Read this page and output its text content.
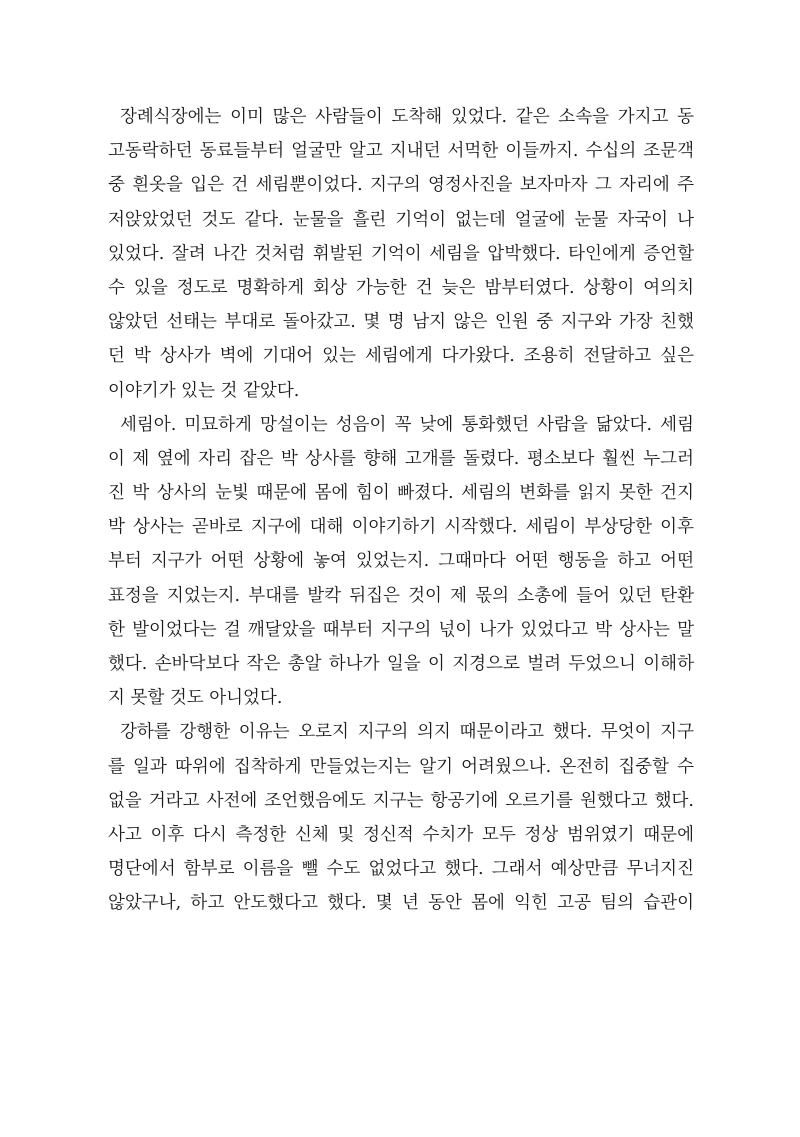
장례식장에는 이미 많은 사람들이 도착해 있었다. 같은 소속을 가지고 동
고동락하던 동료들부터 얼굴만 알고 지내던 서먹한 이들까지. 수십의 조문객
중 흰옷을 입은 건 세림뿐이었다. 지구의 영정사진을 보자마자 그 자리에 주
저앉았었던 것도 같다. 눈물을 흘린 기억이 없는데 얼굴에 눈물 자국이 나
있었다. 잘려 나간 것처럼 휘발된 기억이 세림을 압박했다. 타인에게 증언할
수 있을 정도로 명확하게 회상 가능한 건 늦은 밤부터였다. 상황이 여의치
않았던 선태는 부대로 돌아갔고. 몇 명 남지 않은 인원 중 지구와 가장 친했
던 박 상사가 벽에 기대어 있는 세림에게 다가왔다. 조용히 전달하고 싶은
이야기가 있는 것 같았다.
세림아. 미묘하게 망설이는 성음이 꼭 낮에 통화했던 사람을 닮았다. 세림
이 제 옆에 자리 잡은 박 상사를 향해 고개를 돌렸다. 평소보다 훨씬 누그러
진 박 상사의 눈빛 때문에 몸에 힘이 빠졌다. 세림의 변화를 읽지 못한 건지
박 상사는 곧바로 지구에 대해 이야기하기 시작했다. 세림이 부상당한 이후
부터 지구가 어떤 상황에 놓여 있었는지. 그때마다 어떤 행동을 하고 어떤
표정을 지었는지. 부대를 발칵 뒤집은 것이 제 몫의 소총에 들어 있던 탄환
한 발이었다는 걸 깨달았을 때부터 지구의 넋이 나가 있었다고 박 상사는 말
했다. 손바닥보다 작은 총알 하나가 일을 이 지경으로 벌려 두었으니 이해하
지 못할 것도 아니었다.
강하를 강행한 이유는 오로지 지구의 의지 때문이라고 했다. 무엇이 지구
를 일과 따위에 집착하게 만들었는지는 알기 어려웠으나. 온전히 집중할 수
없을 거라고 사전에 조언했음에도 지구는 항공기에 오르기를 원했다고 했다.
사고 이후 다시 측정한 신체 및 정신적 수치가 모두 정상 범위였기 때문에
명단에서 함부로 이름을 뺄 수도 없었다고 했다. 그래서 예상만큼 무너지진
않았구나, 하고 안도했다고 했다. 몇 년 동안 몸에 익힌 고공 팀의 습관이
